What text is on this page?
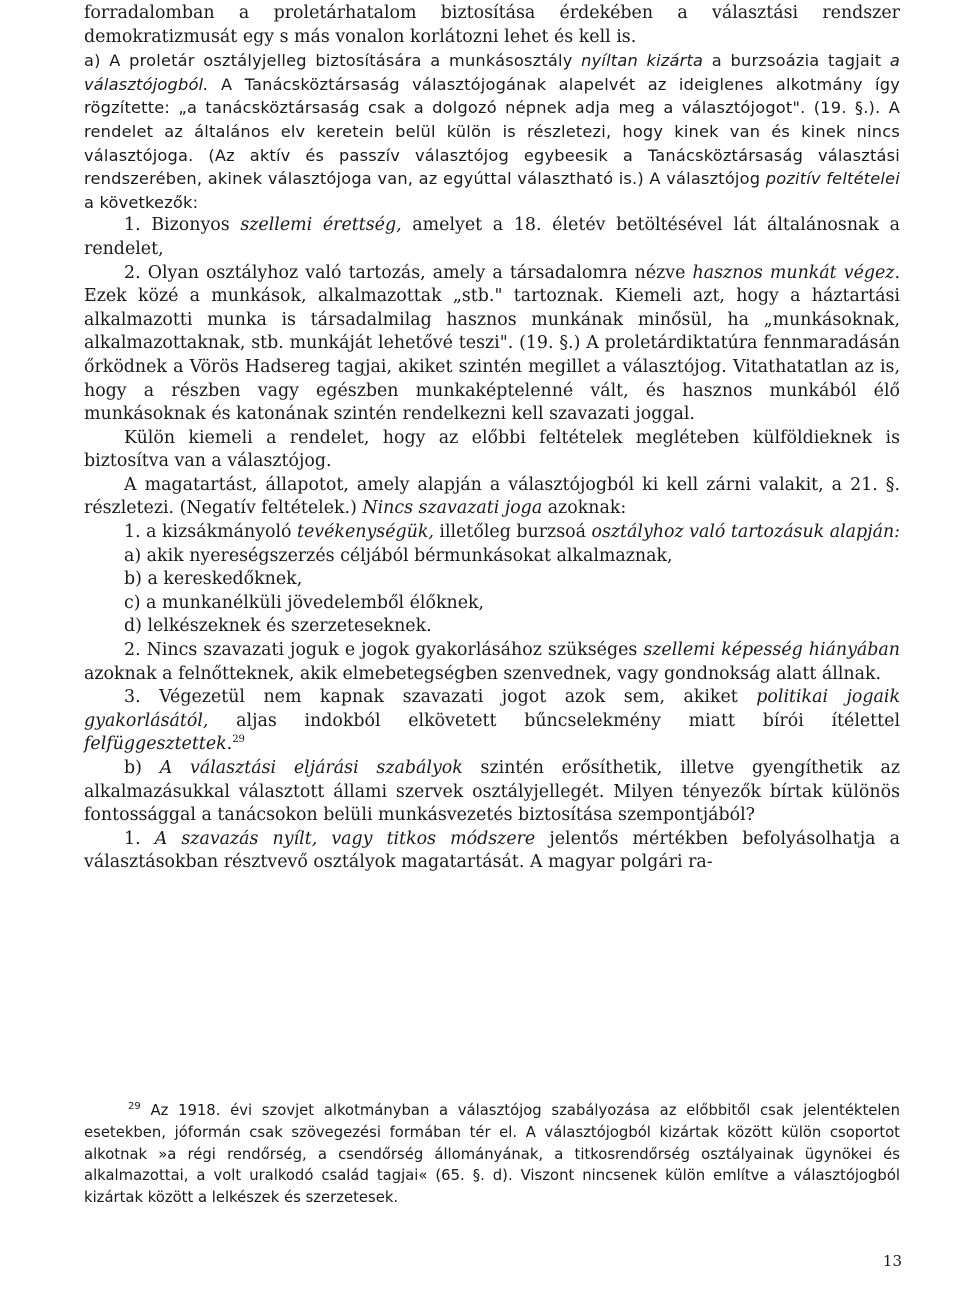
forradalomban a proletárhatalom biztosítása érdekében a választási rendszer demokratizmusát egy s más vonalon korlátozni lehet és kell is.

a) A proletár osztályjelleg biztosítására a munkásosztály nyíltan kizárta a burzsoázia tagjait a választójogból. A Tanácsköztársaság választójogának alapelvét az ideiglenes alkotmány így rögzítette: „a tanácsköztársaság csak a dolgozó népnek adja meg a választójogot". (19. §.). A rendelet az általános elv keretein belül külön is részletezi, hogy kinek van és kinek nincs választójoga. (Az aktív és passzív választójog egybeesik a Tanácsköztársaság választási rendszerében, akinek választójoga van, az egyúttal választható is.) A választójog pozitív feltételei a következők:

1. Bizonyos szellemi érettség, amelyet a 18. életév betöltésével lát általánosnak a rendelet,

2. Olyan osztályhoz való tartozás, amely a társadalomra nézve hasznos munkát végez. Ezek közé a munkások, alkalmazottak „stb." tartoznak. Kiemeli azt, hogy a háztartási alkalmazotti munka is társadalmilag hasznos munkának minősül, ha „munkásoknak, alkalmazottaknak, stb. munkáját lehetővé teszi". (19. §.) A proletárdiktatúra fennmaradásán őrködnek a Vörös Hadsereg tagjai, akiket szintén megillet a választójog. Vitathatatlan az is, hogy a részben vagy egészben munkaképtelenné vált, és hasznos munkából élő munkásoknak és katonának szintén rendelkezni kell szavazati joggal.

Külön kiemeli a rendelet, hogy az előbbi feltételek megléteben külföldieknek is biztosítva van a választójog.

A magatartást, állapotot, amely alapján a választójogból ki kell zárni valakit, a 21. §. részletezi. (Negatív feltételek.) Nincs szavazati joga azoknak:

1. a kizsákmányoló tevékenységük, illetőleg burzsoá osztályhoz való tartozásuk alapján:

a) akik nyereségszerzés céljából bérmunkásokat alkalmaznak,

b) a kereskedőknek,

c) a munkanélküli jövedelemből élőknek,

d) lelkészeknek és szerzeteseknek.

2. Nincs szavazati joguk e jogok gyakorlásához szükséges szellemi képesség hiányában azoknak a felnőtteknek, akik elmebetegségben szenvednek, vagy gondnokság alatt állnak.

3. Végezetül nem kapnak szavazati jogot azok sem, akiket politikai jogaik gyakorlásától, aljas indokból elkövetett bűncselekmény miatt bírói ítélettel felfüggesztettek.$^{29}$

b) A választási eljárási szabályok szintén erősíthetik, illetve gyengíthetik az alkalmazásukkal választott állami szervek osztályjellegét. Milyen tényezők bírtak különös fontossággal a tanácsokon belüli munkásvezetés biztosítása szempontjából?

1. A szavazás nyílt, vagy titkos módszere jelentős mértékben befolyásolhatja a választásokban résztvevő osztályok magatartását. A magyar polgári ra-

$^{29}$ Az 1918. évi szovjet alkotmányban a választójog szabályozása az előbbitől csak jelentéktelen esetekben, jóformán csak szövegezési formában tér el. A választójogból kizártak között külön csoportot alkotnak »a régi rendőrség, a csendőrség állományának, a titkosrendőrség osztályainak ügynökei és alkalmazottai, a volt uralkodó család tagjai« (65. §. d). Viszont nincsenek külön említve a választójogból kizártak között a lelkészek és szerzetesek.

13
